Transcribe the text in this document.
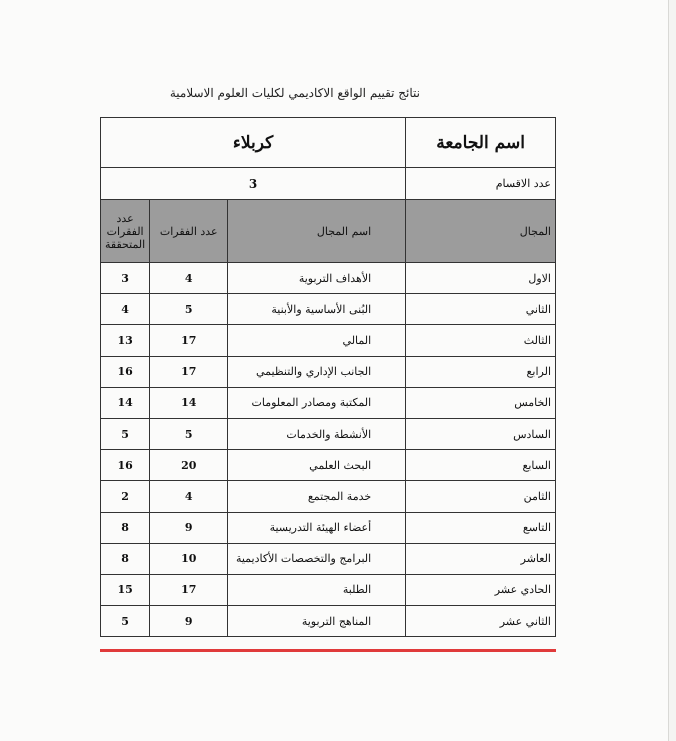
نتائج تقييم الواقع الاكاديمي لكليات العلوم الاسلامية
اسم الجامعة	كربلاء		
عدد الاقسام	3		
المجال	اسم المجال	عدد الفقرات	عدد الفقرات المتحققة
الاول	الأهداف التربوية	4	3
الثاني	البُنى الأساسية والأبنية	5	4
الثالث	المالي	17	13
الرابع	الجانب الإداري والتنظيمي	17	16
الخامس	المكتبة ومصادر المعلومات	14	14
السادس	الأنشطة والخدمات	5	5
السابع	البحث العلمي	20	16
الثامن	خدمة المجتمع	4	2
التاسع	أعضاء الهيئة التدريسية	9	8
العاشر	البرامج والتخصصات الأكاديمية	10	8
الحادي عشر	الطلبة	17	15
الثاني عشر	المناهج التربوية	9	5
